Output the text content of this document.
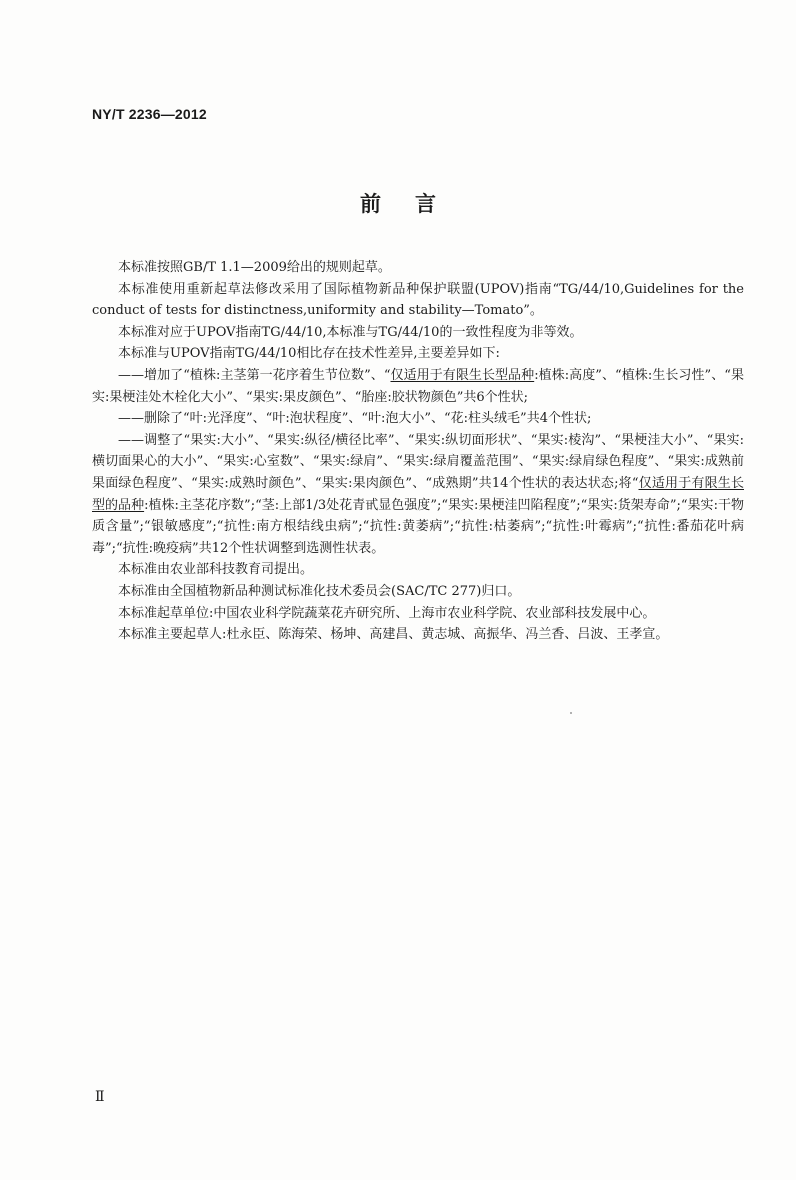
NY/T 2236—2012
前言

本标准按照GB/T 1.1—2009给出的规则起草。

本标准使用重新起草法修改采用了国际植物新品种保护联盟(UPOV)指南“TG/44/10,Guidelines for the conduct of tests for distinctness,uniformity and stability—Tomato”。

本标准对应于UPOV指南TG/44/10,本标准与TG/44/10的一致性程度为非等效。

本标准与UPOV指南TG/44/10相比存在技术性差异,主要差异如下:

——增加了“植株:主茎第一花序着生节位数”、“仅适用于有限生长型品种:植株:高度”、“植株:生长习性”、“果实:果梗洼处木栓化大小”、“果实:果皮颜色”、“胎座:胶状物颜色”共6个性状;

——删除了“叶:光泽度”、“叶:泡状程度”、“叶:泡大小”、“花:柱头绒毛”共4个性状;

——调整了“果实:大小”、“果实:纵径/横径比率”、“果实:纵切面形状”、“果实:棱沟”、“果梗洼大小”、“果实:横切面果心的大小”、“果实:心室数”、“果实:绿肩”、“果实:绿肩覆盖范围”、“果实:绿肩绿色程度”、“果实:成熟前果面绿色程度”、“果实:成熟时颜色”、“果实:果肉颜色”、“成熟期”共14个性状的表达状态;将“仅适用于有限生长型的品种:植株:主茎花序数”;“茎:上部1/3处花青甙显色强度”;“果实:果梗洼凹陷程度”;“果实:货架寿命”;“果实:干物质含量”;“银敏感度”;“抗性:南方根结线虫病”;“抗性:黄萎病”;“抗性:枯萎病”;“抗性:叶霉病”;“抗性:番茄花叶病毒”;“抗性:晚疫病”共12个性状调整到选测性状表。

本标准由农业部科技教育司提出。

本标准由全国植物新品种测试标准化技术委员会(SAC/TC 277)归口。

本标准起草单位:中国农业科学院蔬菜花卉研究所、上海市农业科学院、农业部科技发展中心。

本标准主要起草人:杜永臣、陈海荣、杨坤、高建昌、黄志城、高振华、冯兰香、吕波、王孝宣。

Ⅱ
